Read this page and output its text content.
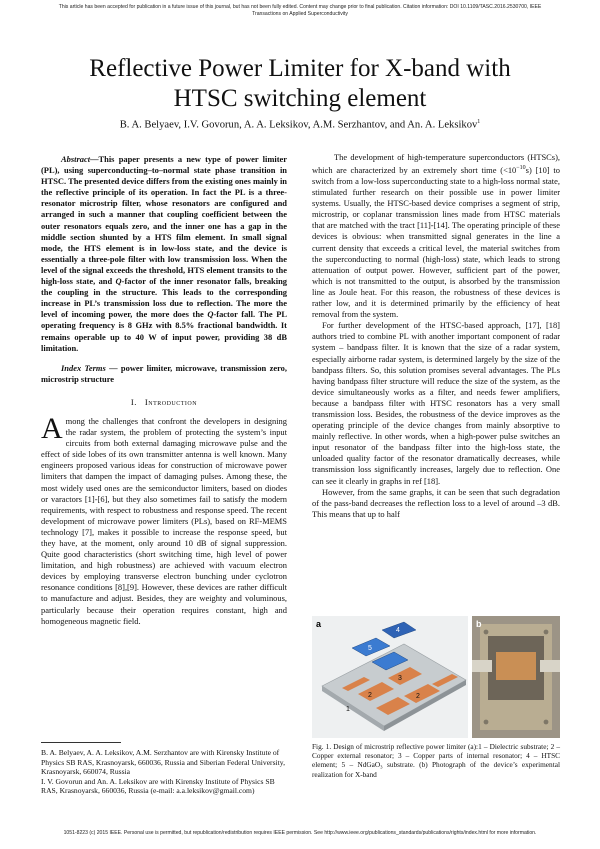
This article has been accepted for publication in a future issue of this journal, but has not been fully edited. Content may change prior to final publication. Citation information: DOI 10.1109/TASC.2016.2530700, IEEE
Transactions on Applied Superconductivity
Reflective Power Limiter for X-band with
HTSC switching element
B. A. Belyaev, I.V. Govorun, A. A. Leksikov, A.M. Serzhantov, and An. A. Leksikov$^1$

Abstract—This paper presents a new type of power limiter (PL), using superconducting–to–normal state phase transition in HTSC. The presented device differs from the existing ones mainly in the reflective principle of its operation. In fact the PL is a three-resonator microstrip filter, whose resonators are configured and arranged in such a manner that coupling coefficient between the outer resonators equals zero, and the inner one has a gap in the middle section shunted by a HTS film element. In small signal mode, the HTS element is in low-loss state, and the device is essentially a three-pole filter with low transmission loss. When the level of the signal exceeds the threshold, HTS element transits to the high-loss state, and Q-factor of the inner resonator falls, breaking the coupling in the structure. This leads to the corresponding increase in PL’s transmission loss due to reflection. The more the level of incoming power, the more does the Q-factor fall. The PL operating frequency is 8 GHz with 8.5% fractional bandwidth. It remains operable up to 40 W of input power, providing 38 dB limitation.

Index Terms — power limiter, microwave, transmission zero, microstrip structure

I. Introduction

Among the challenges that confront the developers in designing the radar system, the problem of protecting the system’s input circuits from both external damaging microwave pulse and the effect of side lobes of its own transmitter antenna is well known. Many engineers proposed various ideas for construction of microwave power limiters that dampen the impact of damaging pulses. Among these, the most widely used ones are the semiconductor limiters, based on diodes or varactors [1]-[6], but they also sometimes fail to satisfy the modern requirements, with respect to robustness and response speed. The recent development of microwave power limiters (PLs), based on RF-MEMS technology [7], makes it possible to increase the response speed, but they have, at the moment, only around 10 dB of signal suppression. Quite good characteristics (short switching time, high level of power limitation, and high robustness) are achieved with vacuum electron devices by employing transverse electron bunching under cyclotron resonance conditions [8],[9]. However, these devices are rather difficult to manufacture and adjust. Besides, they are weighty and voluminous, particularly because their operation requires constant, high and homogeneous magnetic field.

The development of high-temperature superconductors (HTSCs), which are characterized by an extremely short time $(<10^{-10}s)$ [10] to switch from a low-loss superconducting state to a high-loss normal state, stimulated further research on their possible use in power limiter systems. Usually, the HTSC-based device comprises a segment of strip, microstrip, or coplanar transmission lines made from HTSC materials that are matched with the tract [11]-[14]. The operating principle of these devices is obvious: when transmitted signal generates in the line a current density that exceeds a critical level, the material switches from the superconducting to normal (high-loss) state, which leads to strong attenuation of output power. However, sufficient part of the power, which is not transmitted to the output, is absorbed by the transmission line as Joule heat. For this reason, the robustness of these devices is rather low, and it is determined primarily by the efficiency of heat removal from the system.

For further development of the HTSC-based approach, [17], [18] authors tried to combine PL with another important component of radar system – bandpass filter. It is known that the size of a radar system, especially airborne radar system, is determined largely by the size of the bandpass filters. So, this solution promises several advantages. The PLs having bandpass filter structure will reduce the size of the system, as the device simultaneously works as a filter, and needs fewer amplifiers, because a bandpass filter with HTSC resonators has a very small transmission loss. Besides, the robustness of the device improves as the operating principle of the device changes from mainly absorptive to mainly reflective. In other words, when a high-power pulse switches an input resonator of the bandpass filter into the high-loss state, the unloaded quality factor of the resonator dramatically decreases, while transmission loss significantly increases, largely due to reflection. One can see it clearly in graphs in ref [18].

However, from the same graphs, it can be seen that such degradation of the pass-band decreases the reflection loss to a level of around –3 dB. This means that up to half

a
1
2	2
3
4
5
b
Fig. 1. Design of microstrip reflective power limiter (a):1 – Dielectric substrate; 2 – Copper external resonator; 3 – Copper parts of internal resonator; 4 – HTSC element; 5 – NdGaO₃ substrate. (b) Photograph of the device’s experimental realization for X-band
B. A. Belyaev, A. A. Leksikov, A.M. Serzhantov are with Kirensky Institute of Physics SB RAS, Krasnoyarsk, 660036, Russia and Siberian Federal University, Krasnoyarsk, 660074, Russia
I. V. Govorun and An. A. Leksikov are with Kirensky Institute of Physics SB RAS, Krasnoyarsk, 660036, Russia (e-mail: a.a.leksikov@gmail.com)
1051-8223 (c) 2015 IEEE. Personal use is permitted, but republication/redistribution requires IEEE permission. See http://www.ieee.org/publications_standards/publications/rights/index.html for more information.
